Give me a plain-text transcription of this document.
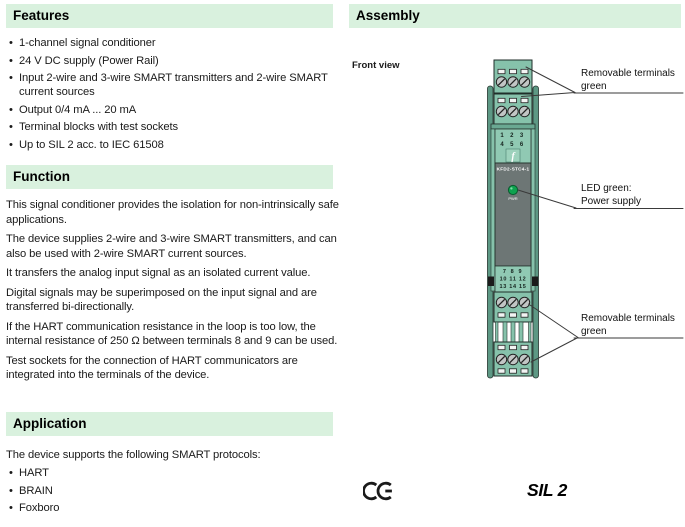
Features
• 1-channel signal conditioner
• 24 V DC supply (Power Rail)
• Input 2-wire and 3-wire SMART transmitters and 2-wire SMART current sources
• Output 0/4 mA ... 20 mA
• Terminal blocks with test sockets
• Up to SIL 2 acc. to IEC 61508
Function

This signal conditioner provides the isolation for non-intrinsically safe applications.

The device supplies 2-wire and 3-wire SMART transmitters, and can also be used with 2-wire SMART current sources.

It transfers the analog input signal as an isolated current value.

Digital signals may be superimposed on the input signal and are transferred bi-directionally.

If the HART communication resistance in the loop is too low, the internal resistance of 250 Ω between terminals 8 and 9 can be used.

Test sockets for the connection of HART communicators are integrated into the terminals of the device.

Application
The device supports the following SMART protocols:
• HART
• BRAIN
• Foxboro
Assembly
Front view
1 2 3
4 5 6
f
KFD2-STC4-1
PWR
7 8 9
10 11 12
13 14 15
Removable terminals
green
LED green:
Power supply
Removable terminals
green
SIL 2
